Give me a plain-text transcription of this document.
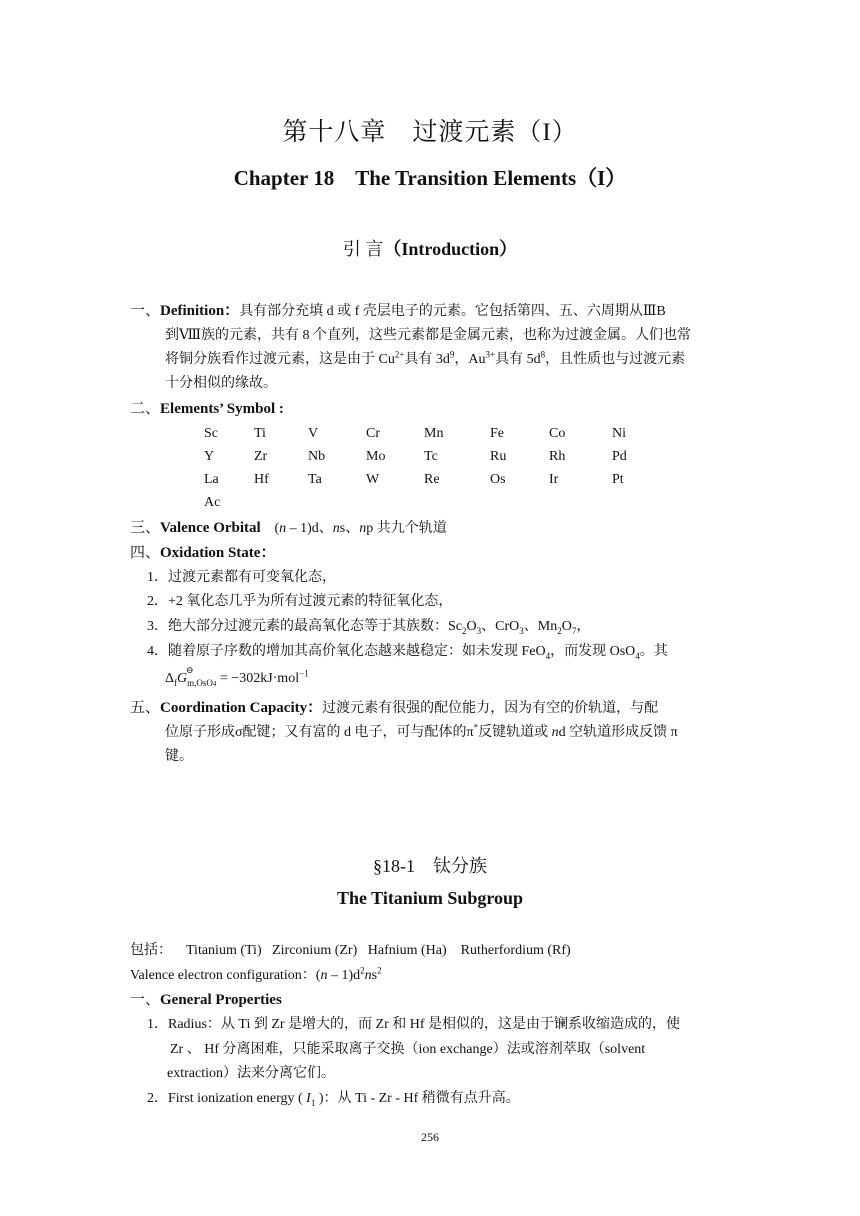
第十八章　过渡元素（I）
Chapter 18　The Transition Elements（I）
引 言（Introduction）
一、Definition：具有部分充填 d 或 f 壳层电子的元素。它包括第四、五、六周期从ⅢB
到Ⅷ族的元素，共有 8 个直列，这些元素都是金属元素，也称为过渡金属。人们也常
将铜分族看作过渡元素，这是由于 $Cu^{2+}$具有 $3d^9$，$Au^{3+}$具有 $5d^8$，且性质也与过渡元素
十分相似的缘故。
二、Elements’ Symbol :
Sc	Ti	V	Cr	Mn	Fe	Co	Ni
Y	Zr	Nb	Mo	Tc	Ru	Rh	Pd
La	Hf	Ta	W	Re	Os	Ir	Pt
Ac
三、Valence Orbital (n – 1)d、ns、np 共九个轨道
四、Oxidation State：
1．过渡元素都有可变氧化态，
2．+2 氧化态几乎为所有过渡元素的特征氧化态，
3．绝大部分过渡元素的最高氧化态等于其族数：$Sc_2O_3$、CrO$_3$、$Mn_2O_7$，
4．随着原子序数的增加其高价氧化态越来越稳定：如未发现 FeO$_4$，而发现 OsO$_4$。其
$\Delta_f$
⊖
$G_{m,OsO4} = -302kJ\cdot mol^{-1}$
五、Coordination Capacity：过渡元素有很强的配位能力，因为有空的价轨道，与配
位原子形成σ配键；又有富的 d 电子，可与配体的π*反键轨道或 nd 空轨道形成反馈 π
键。
§18-1　钛分族
The Titanium Subgroup
包括： Titanium (Ti)   Zirconium (Zr)   Hafnium (Ha)    Rutherfordium (Rf)
Valence electron configuration：$(n - 1)d^2ns^2$
一、General Properties
1．Radius：从 Ti 到 Zr 是增大的，而 Zr 和 Hf 是相似的，这是由于镧系收缩造成的，使
Zr 、 Hf 分离困难，只能采取离子交换（ion exchange）法或溶剂萃取（solvent
extraction）法来分离它们。
2．First ionization energy ( $I_1$ )：从 Ti - Zr - Hf 稍微有点升高。
256
